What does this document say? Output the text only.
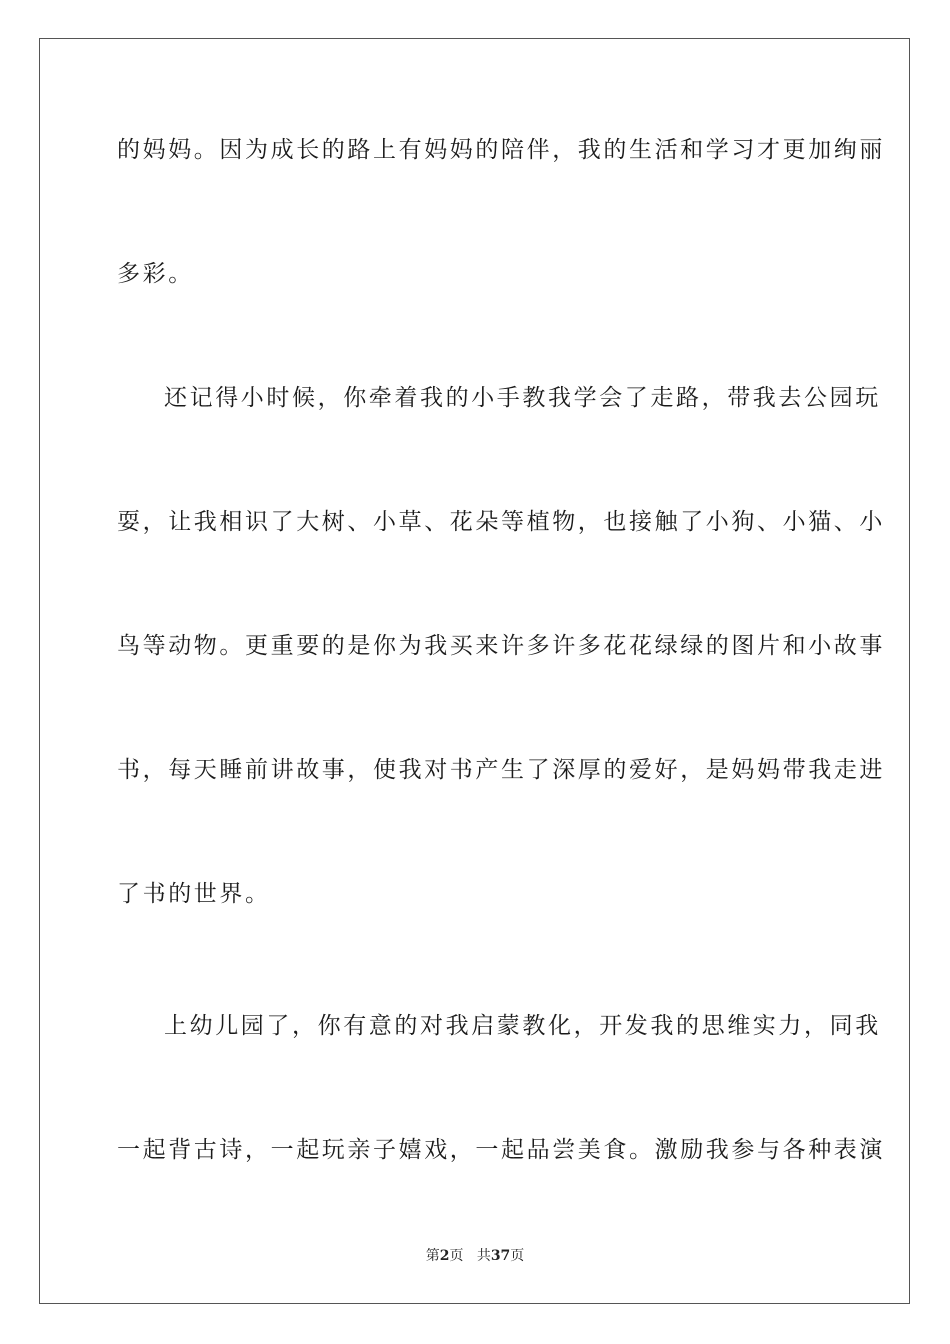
的妈妈。因为成长的路上有妈妈的陪伴，我的生活和学习才更加绚丽
多彩。
还记得小时候，你牵着我的小手教我学会了走路，带我去公园玩
耍，让我相识了大树、小草、花朵等植物，也接触了小狗、小猫、小
鸟等动物。更重要的是你为我买来许多许多花花绿绿的图片和小故事
书，每天睡前讲故事，使我对书产生了深厚的爱好，是妈妈带我走进
了书的世界。
上幼儿园了，你有意的对我启蒙教化，开发我的思维实力，同我
一起背古诗，一起玩亲子嬉戏，一起品尝美食。激励我参与各种表演
第2页 共37页
